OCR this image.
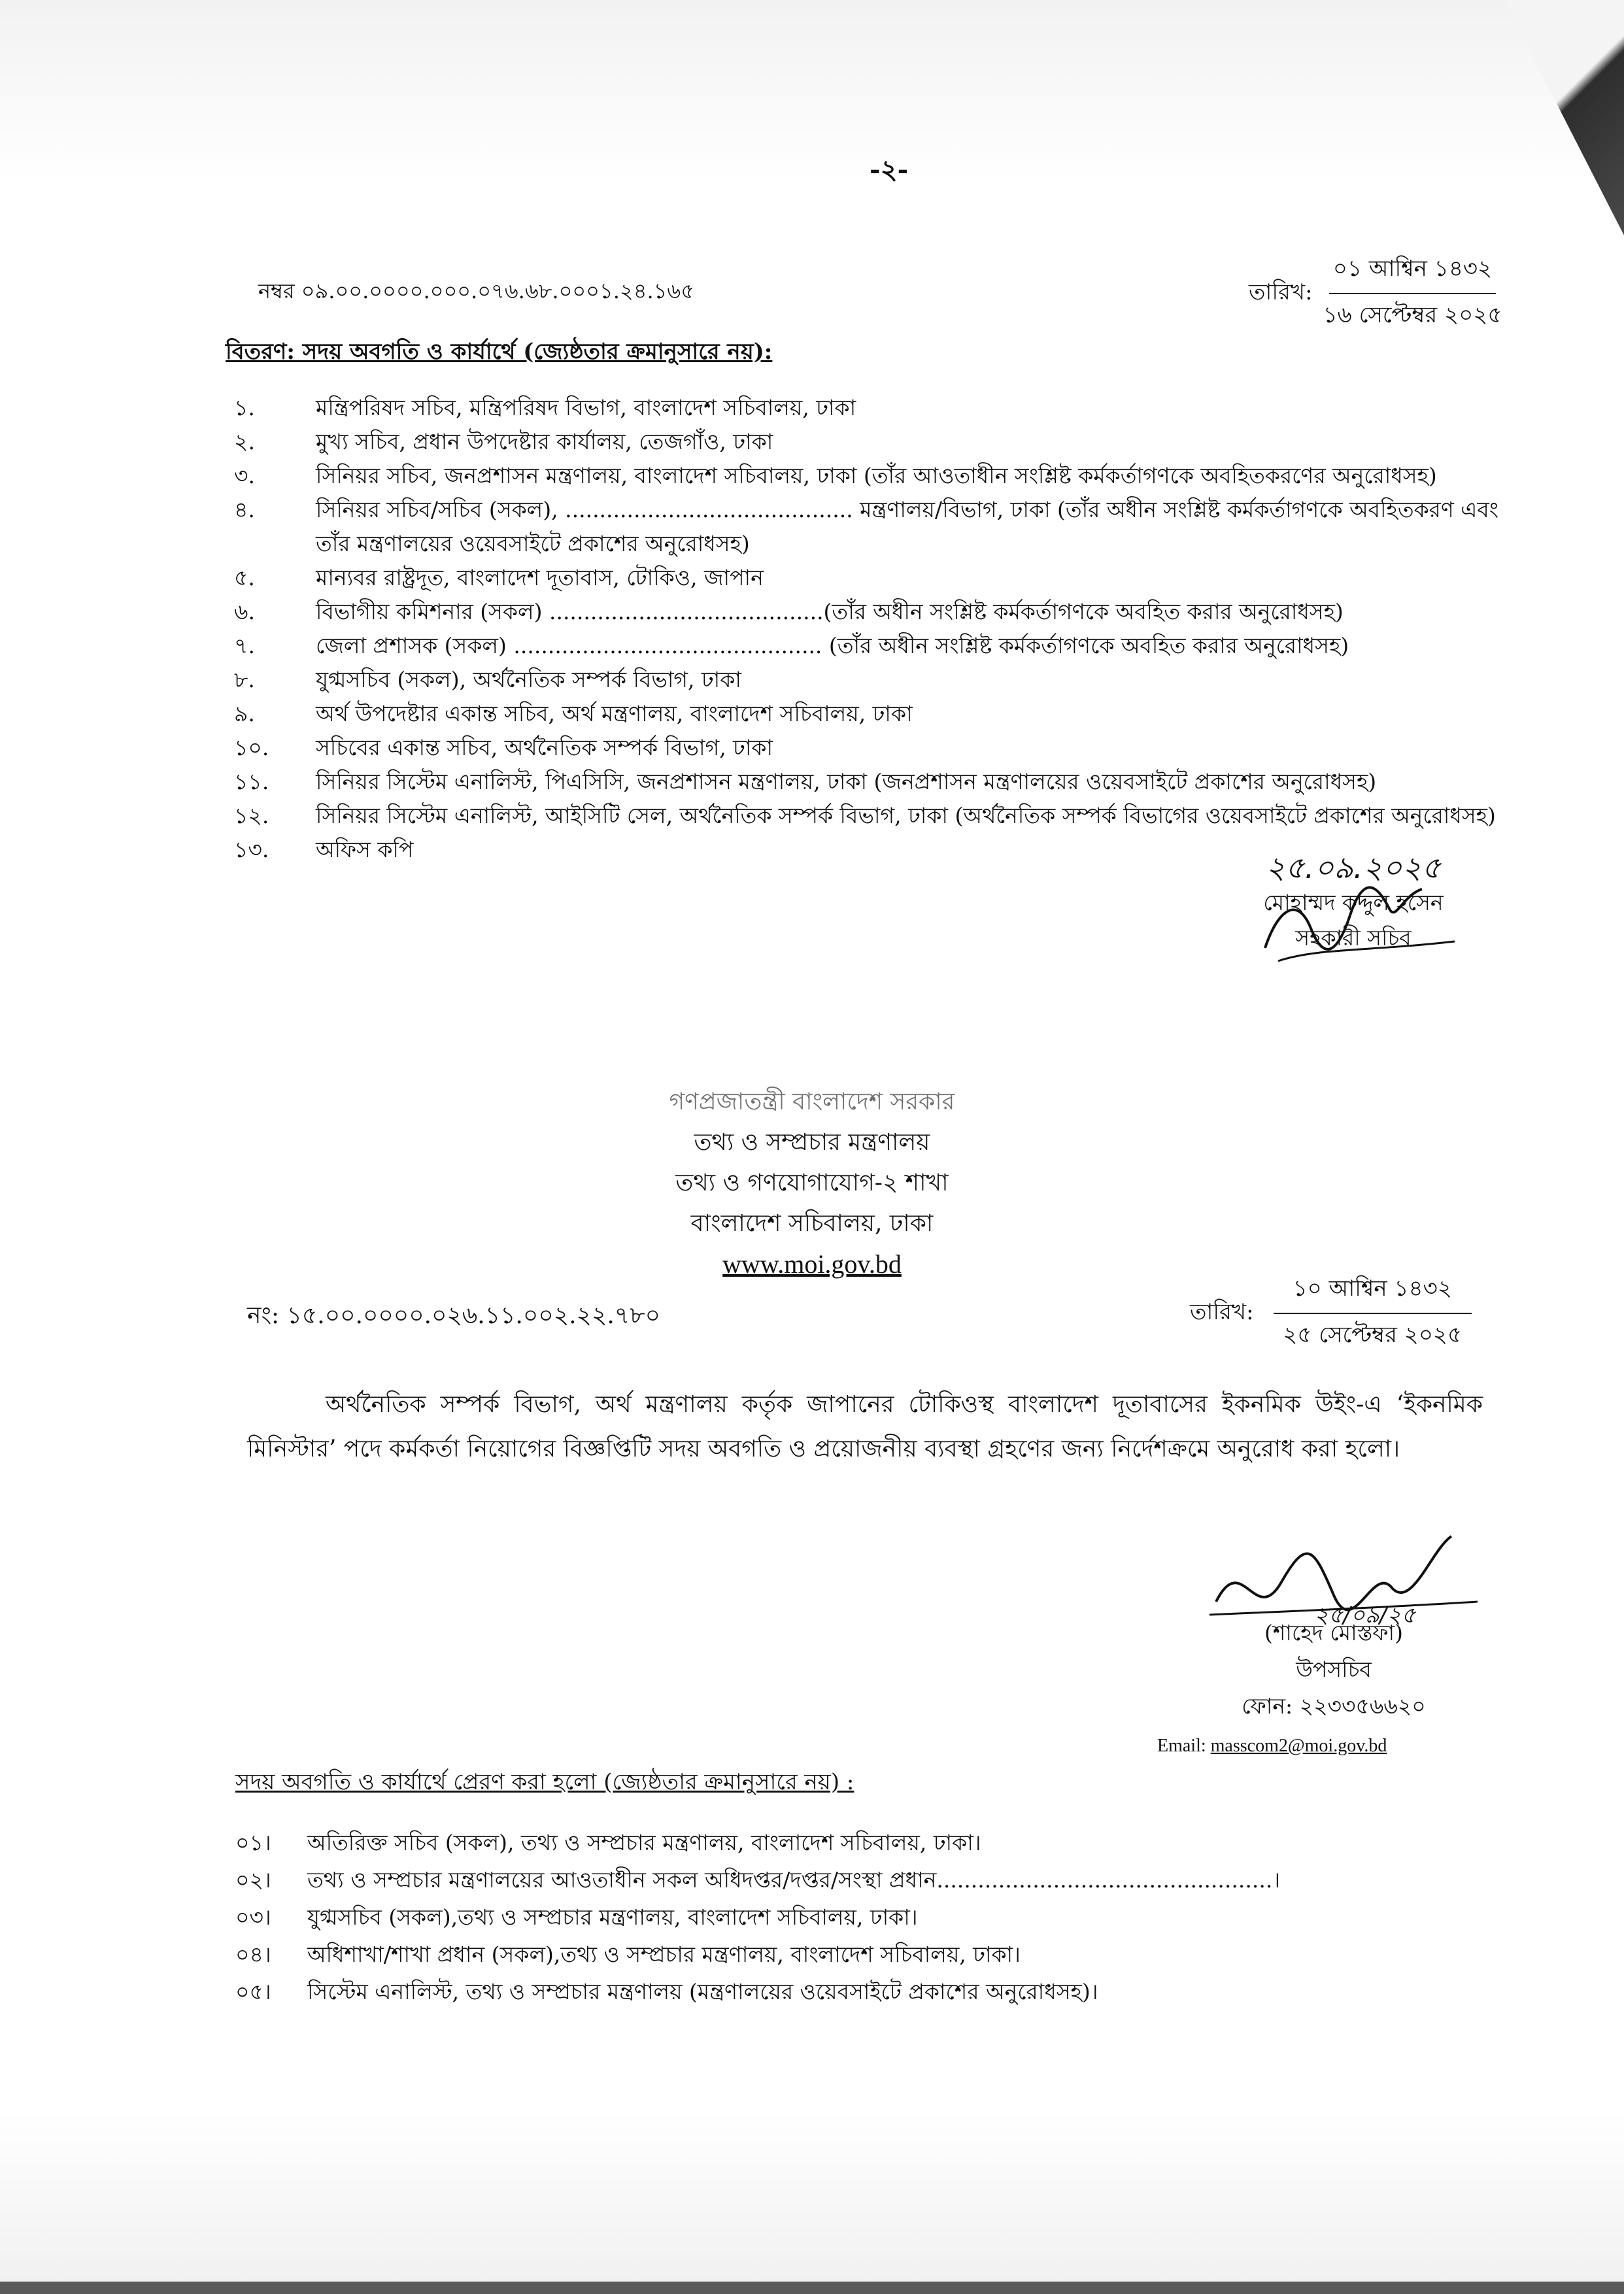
-২-
নম্বর ০৯.০০.০০০০.০০০.০৭৬.৬৮.০০০১.২৪.১৬৫	তারিখ:
০১ আশ্বিন ১৪৩২
১৬ সেপ্টেম্বর ২০২৫
বিতরণ: সদয় অবগতি ও কার্যার্থে (জ্যেষ্ঠতার ক্রমানুসারে নয়):
১.	মন্ত্রিপরিষদ সচিব, মন্ত্রিপরিষদ বিভাগ, বাংলাদেশ সচিবালয়, ঢাকা
২.	মুখ্য সচিব, প্রধান উপদেষ্টার কার্যালয়, তেজগাঁও, ঢাকা
৩.	সিনিয়র সচিব, জনপ্রশাসন মন্ত্রণালয়, বাংলাদেশ সচিবালয়, ঢাকা (তাঁর আওতাধীন সংশ্লিষ্ট কর্মকর্তাগণকে অবহিতকরণের অনুরোধসহ)
৪.	সিনিয়র সচিব/সচিব (সকল), .......................................... মন্ত্রণালয়/বিভাগ, ঢাকা (তাঁর অধীন সংশ্লিষ্ট কর্মকর্তাগণকে অবহিতকরণ এবং তাঁর মন্ত্রণালয়ের ওয়েবসাইটে প্রকাশের অনুরোধসহ)
৫.	মান্যবর রাষ্ট্রদূত, বাংলাদেশ দূতাবাস, টোকিও, জাপান
৬.	বিভাগীয় কমিশনার (সকল) ........................................(তাঁর অধীন সংশ্লিষ্ট কর্মকর্তাগণকে অবহিত করার অনুরোধসহ)
৭.	জেলা প্রশাসক (সকল) ............................................. (তাঁর অধীন সংশ্লিষ্ট কর্মকর্তাগণকে অবহিত করার অনুরোধসহ)
৮.	যুগ্মসচিব (সকল), অর্থনৈতিক সম্পর্ক বিভাগ, ঢাকা
৯.	অর্থ উপদেষ্টার একান্ত সচিব, অর্থ মন্ত্রণালয়, বাংলাদেশ সচিবালয়, ঢাকা
১০.	সচিবের একান্ত সচিব, অর্থনৈতিক সম্পর্ক বিভাগ, ঢাকা
১১.	সিনিয়র সিস্টেম এনালিস্ট, পিএসিসি, জনপ্রশাসন মন্ত্রণালয়, ঢাকা (জনপ্রশাসন মন্ত্রণালয়ের ওয়েবসাইটে প্রকাশের অনুরোধসহ)
১২.	সিনিয়র সিস্টেম এনালিস্ট, আইসিটি সেল, অর্থনৈতিক সম্পর্ক বিভাগ, ঢাকা (অর্থনৈতিক সম্পর্ক বিভাগের ওয়েবসাইটে প্রকাশের অনুরোধসহ)
১৩.	অফিস কপি
২৫.০৯.২০২৫
মোহাম্মদ কদ্দুল হসেন
সহকারী সচিব
গণপ্রজাতন্ত্রী বাংলাদেশ সরকার
তথ্য ও সম্প্রচার মন্ত্রণালয়
তথ্য ও গণযোগাযোগ-২ শাখা
বাংলাদেশ সচিবালয়, ঢাকা
www.moi.gov.bd
নং: ১৫.০০.০০০০.০২৬.১১.০০২.২২.৭৮০	তারিখ:
১০ আশ্বিন ১৪৩২
২৫ সেপ্টেম্বর ২০২৫
অর্থনৈতিক সম্পর্ক বিভাগ, অর্থ মন্ত্রণালয় কর্তৃক জাপানের টোকিওস্থ বাংলাদেশ দূতাবাসের ইকনমিক উইং-এ ‘ইকনমিক মিনিস্টার’ পদে কর্মকর্তা নিয়োগের বিজ্ঞপ্তিটি সদয় অবগতি ও প্রয়োজনীয় ব্যবস্থা গ্রহণের জন্য নির্দেশক্রমে অনুরোধ করা হলো।
২৫/০৯/২৫
(শাহেদ মোস্তফা)
উপসচিব
ফোন: ২২৩৩৫৬৬২০
Email: masscom2@moi.gov.bd
সদয় অবগতি ও কার্যার্থে প্রেরণ করা হলো (জ্যেষ্ঠতার ক্রমানুসারে নয়) :
০১।	অতিরিক্ত সচিব (সকল), তথ্য ও সম্প্রচার মন্ত্রণালয়, বাংলাদেশ সচিবালয়, ঢাকা।
০২।	তথ্য ও সম্প্রচার মন্ত্রণালয়ের আওতাধীন সকল অধিদপ্তর/দপ্তর/সংস্থা প্রধান.................................................।
০৩।	যুগ্মসচিব (সকল),তথ্য ও সম্প্রচার মন্ত্রণালয়, বাংলাদেশ সচিবালয়, ঢাকা।
০৪।	অধিশাখা/শাখা প্রধান (সকল),তথ্য ও সম্প্রচার মন্ত্রণালয়, বাংলাদেশ সচিবালয়, ঢাকা।
০৫।	সিস্টেম এনালিস্ট, তথ্য ও সম্প্রচার মন্ত্রণালয় (মন্ত্রণালয়ের ওয়েবসাইটে প্রকাশের অনুরোধসহ)।
